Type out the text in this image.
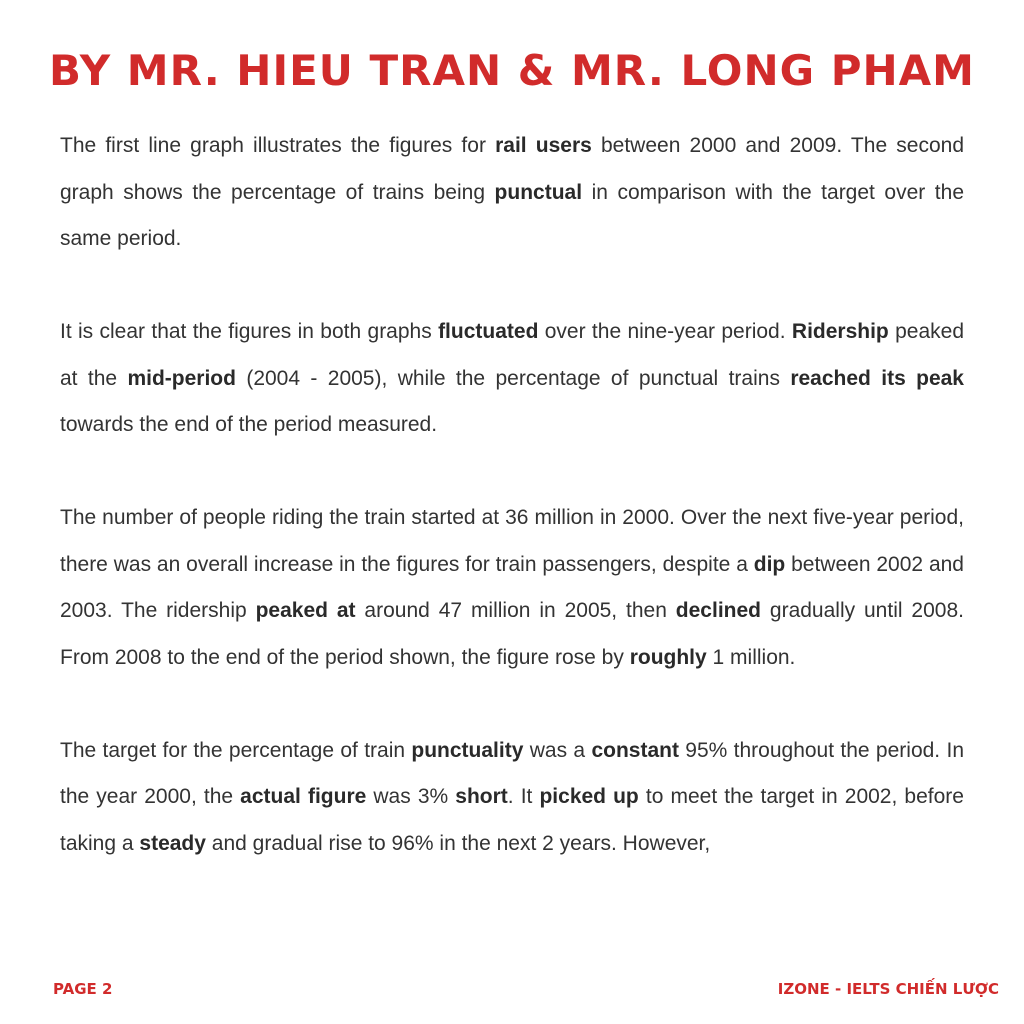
BY MR. HIEU TRAN & MR. LONG PHAM

The first line graph illustrates the figures for rail users between 2000 and 2009. The second graph shows the percentage of trains being punctual in comparison with the target over the same period.

It is clear that the figures in both graphs fluctuated over the nine-year period. Ridership peaked at the mid-period (2004 - 2005), while the percentage of punctual trains reached its peak towards the end of the period measured.

The number of people riding the train started at 36 million in 2000. Over the next five-year period, there was an overall increase in the figures for train passengers, despite a dip between 2002 and 2003. The ridership peaked at around 47 million in 2005, then declined gradually until 2008. From 2008 to the end of the period shown, the figure rose by roughly 1 million.

The target for the percentage of train punctuality was a constant 95% throughout the period. In the year 2000, the actual figure was 3% short. It picked up to meet the target in 2002, before taking a steady and gradual rise to 96% in the next 2 years. However,

PAGE 2	IZONE - IELTS CHIẾN LƯỢC
